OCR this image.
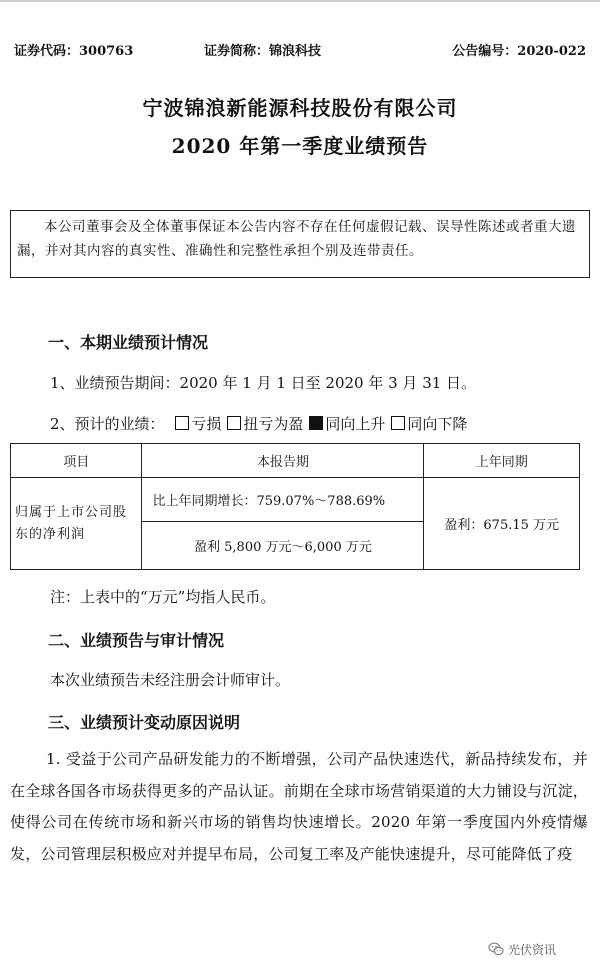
证券代码：300763	证券简称：锦浪科技	公告编号：2020-022
宁波锦浪新能源科技股份有限公司
2020 年第一季度业绩预告
本公司董事会及全体董事保证本公告内容不存在任何虚假记载、误导性陈述或者重大遗漏，并对其内容的真实性、准确性和完整性承担个别及连带责任。
一、本期业绩预计情况
1、业绩预告期间：2020 年 1 月 1 日至 2020 年 3 月 31 日。
2、预计的业绩： 亏损 扭亏为盈 同向上升 同向下降
项目	本报告期	上年同期
归属于上市公司股东的净利润	比上年同期增长：759.07%～788.69%	盈利：675.15 万元
	盈利 5,800 万元～6,000 万元	
注：上表中的“万元”均指人民币。
二、业绩预告与审计情况
本次业绩预告未经注册会计师审计。
三、业绩预计变动原因说明
1. 受益于公司产品研发能力的不断增强，公司产品快速迭代，新品持续发布，并在全球各国各市场获得更多的产品认证。前期在全球市场营销渠道的大力铺设与沉淀，使得公司在传统市场和新兴市场的销售均快速增长。2020 年第一季度国内外疫情爆发，公司管理层积极应对并提早布局，公司复工率及产能快速提升，尽可能降低了疫
光伏资讯
